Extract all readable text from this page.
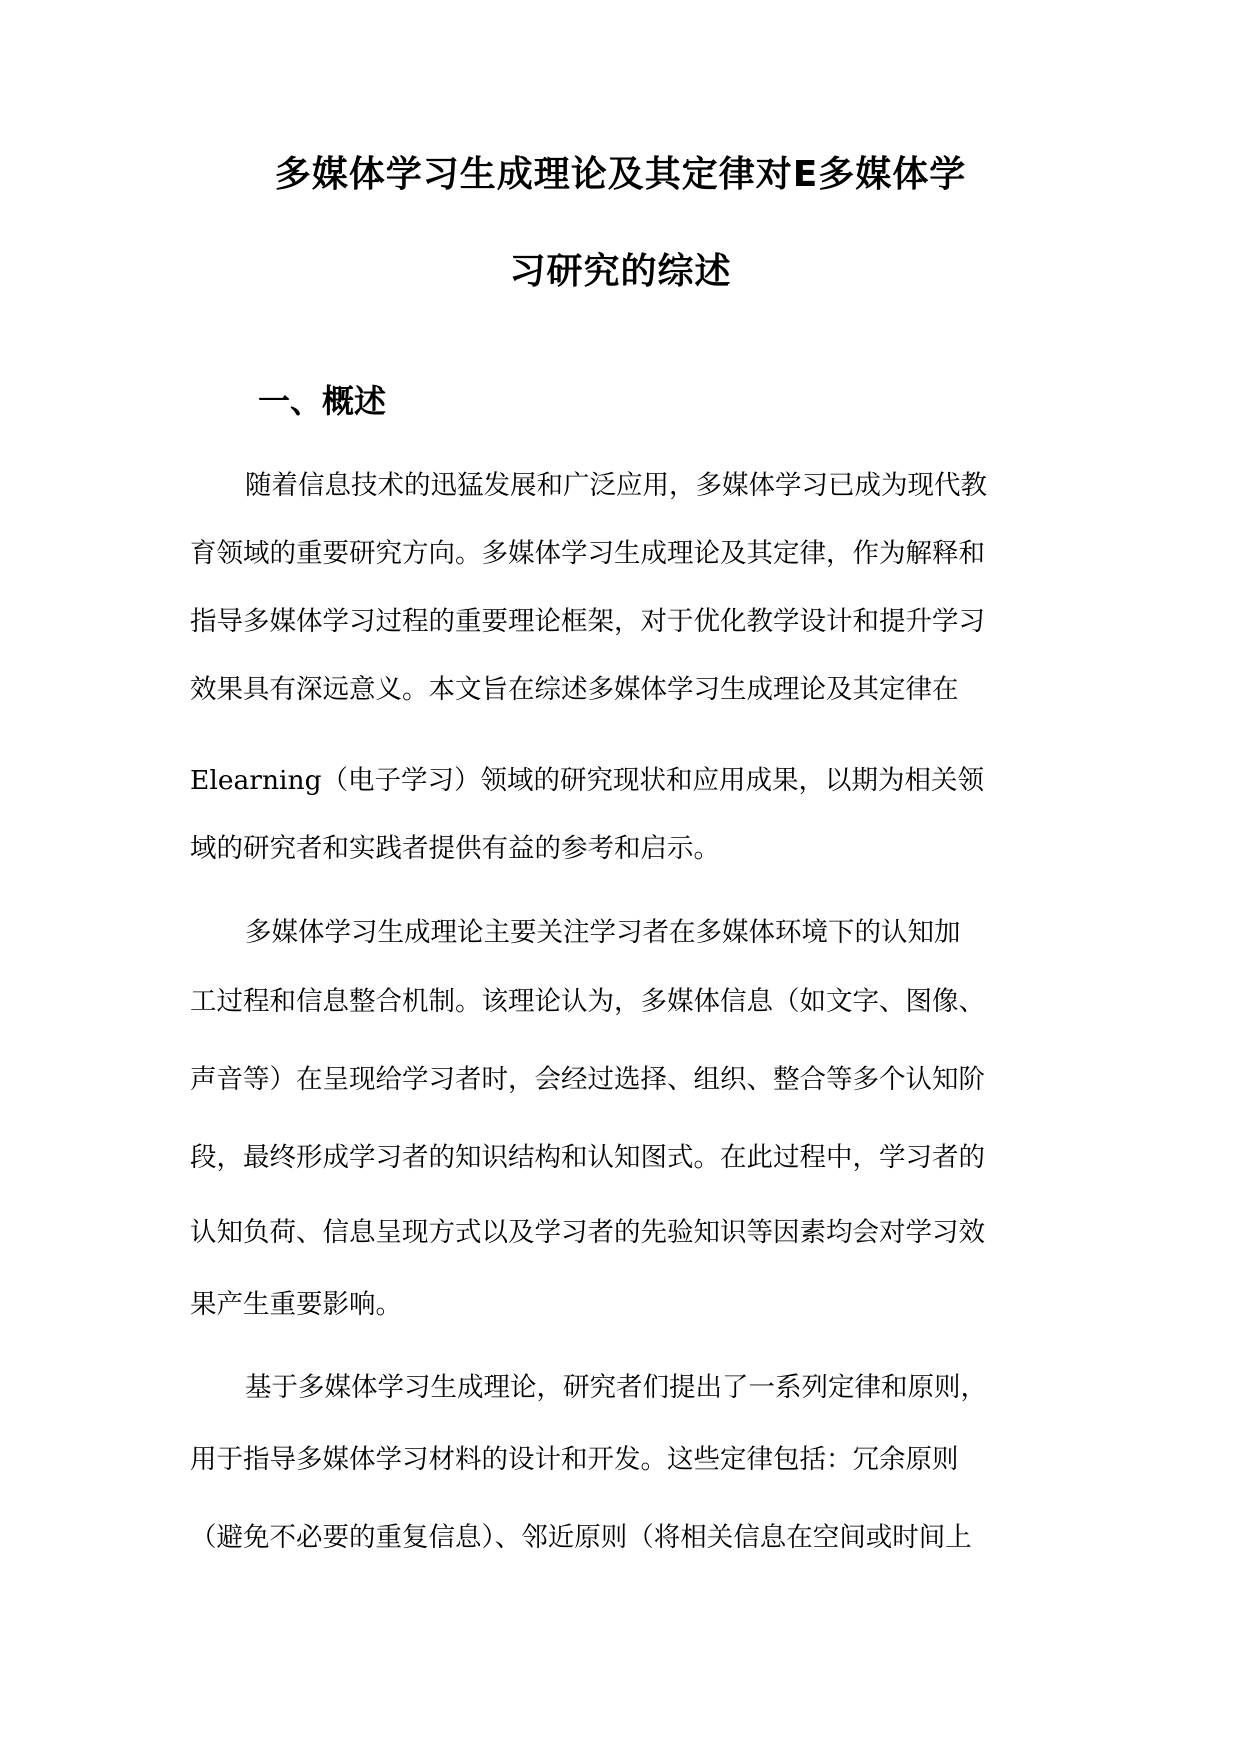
多媒体学习生成理论及其定律对E多媒体学
习研究的综述
一、概述

随着信息技术的迅猛发展和广泛应用，多媒体学习已成为现代教

育领域的重要研究方向。多媒体学习生成理论及其定律，作为解释和

指导多媒体学习过程的重要理论框架，对于优化教学设计和提升学习

效果具有深远意义。本文旨在综述多媒体学习生成理论及其定律在

Elearning（电子学习）领域的研究现状和应用成果，以期为相关领

域的研究者和实践者提供有益的参考和启示。

多媒体学习生成理论主要关注学习者在多媒体环境下的认知加

工过程和信息整合机制。该理论认为，多媒体信息（如文字、图像、

声音等）在呈现给学习者时，会经过选择、组织、整合等多个认知阶

段，最终形成学习者的知识结构和认知图式。在此过程中，学习者的

认知负荷、信息呈现方式以及学习者的先验知识等因素均会对学习效

果产生重要影响。

基于多媒体学习生成理论，研究者们提出了一系列定律和原则，

用于指导多媒体学习材料的设计和开发。这些定律包括：冗余原则

（避免不必要的重复信息）、邻近原则（将相关信息在空间或时间上
